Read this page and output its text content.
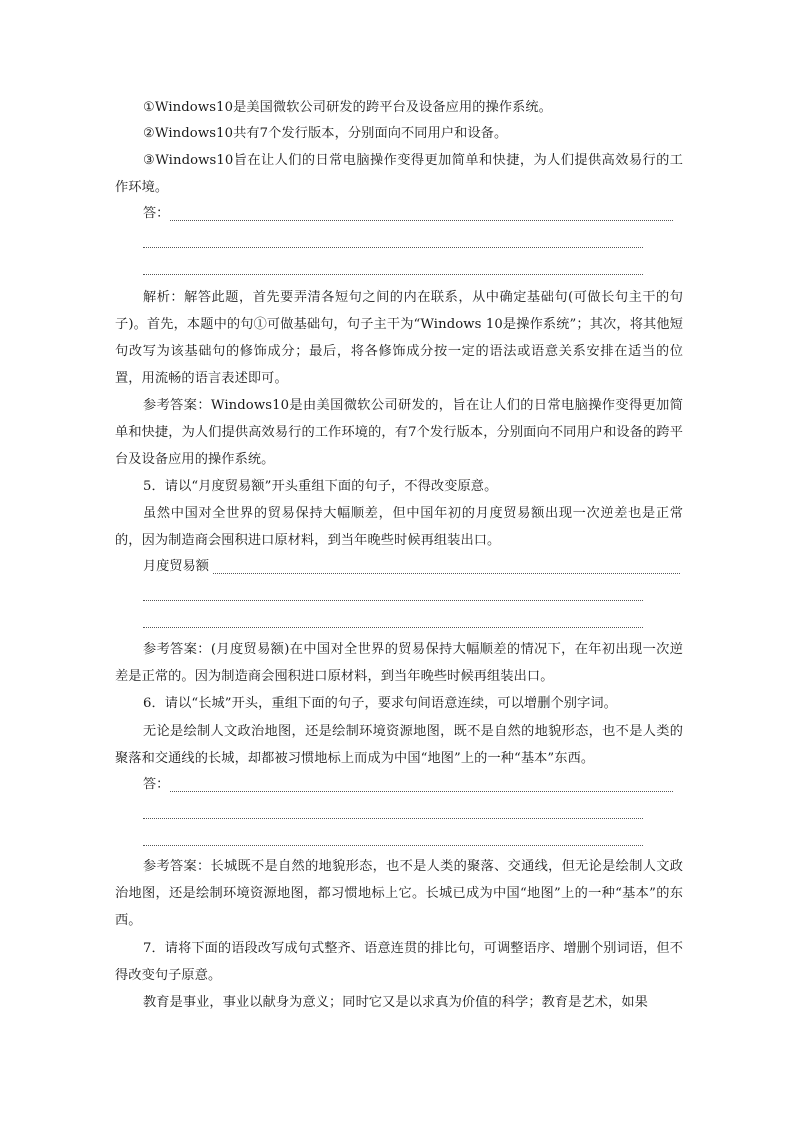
①Windows10是美国微软公司研发的跨平台及设备应用的操作系统。

②Windows10共有7个发行版本，分别面向不同用户和设备。

③Windows10旨在让人们的日常电脑操作变得更加简单和快捷，为人们提供高效易行的工作环境。

答：

解析：解答此题，首先要弄清各短句之间的内在联系，从中确定基础句(可做长句主干的句子)。首先，本题中的句①可做基础句，句子主干为“Windows 10是操作系统”；其次，将其他短句改写为该基础句的修饰成分；最后，将各修饰成分按一定的语法或语意关系安排在适当的位置，用流畅的语言表述即可。

参考答案：Windows10是由美国微软公司研发的，旨在让人们的日常电脑操作变得更加简单和快捷，为人们提供高效易行的工作环境的，有7个发行版本，分别面向不同用户和设备的跨平台及设备应用的操作系统。

5．请以“月度贸易额”开头重组下面的句子，不得改变原意。

虽然中国对全世界的贸易保持大幅顺差，但中国年初的月度贸易额出现一次逆差也是正常的，因为制造商会囤积进口原材料，到当年晚些时候再组装出口。

月度贸易额

参考答案：(月度贸易额)在中国对全世界的贸易保持大幅顺差的情况下，在年初出现一次逆差是正常的。因为制造商会囤积进口原材料，到当年晚些时候再组装出口。

6．请以“长城”开头，重组下面的句子，要求句间语意连续，可以增删个别字词。

无论是绘制人文政治地图，还是绘制环境资源地图，既不是自然的地貌形态，也不是人类的聚落和交通线的长城，却都被习惯地标上而成为中国“地图”上的一种“基本”东西。

答：

参考答案：长城既不是自然的地貌形态，也不是人类的聚落、交通线，但无论是绘制人文政治地图，还是绘制环境资源地图，都习惯地标上它。长城已成为中国“地图”上的一种“基本”的东西。

7．请将下面的语段改写成句式整齐、语意连贯的排比句，可调整语序、增删个别词语，但不得改变句子原意。

教育是事业，事业以献身为意义；同时它又是以求真为价值的科学；教育是艺术，如果
